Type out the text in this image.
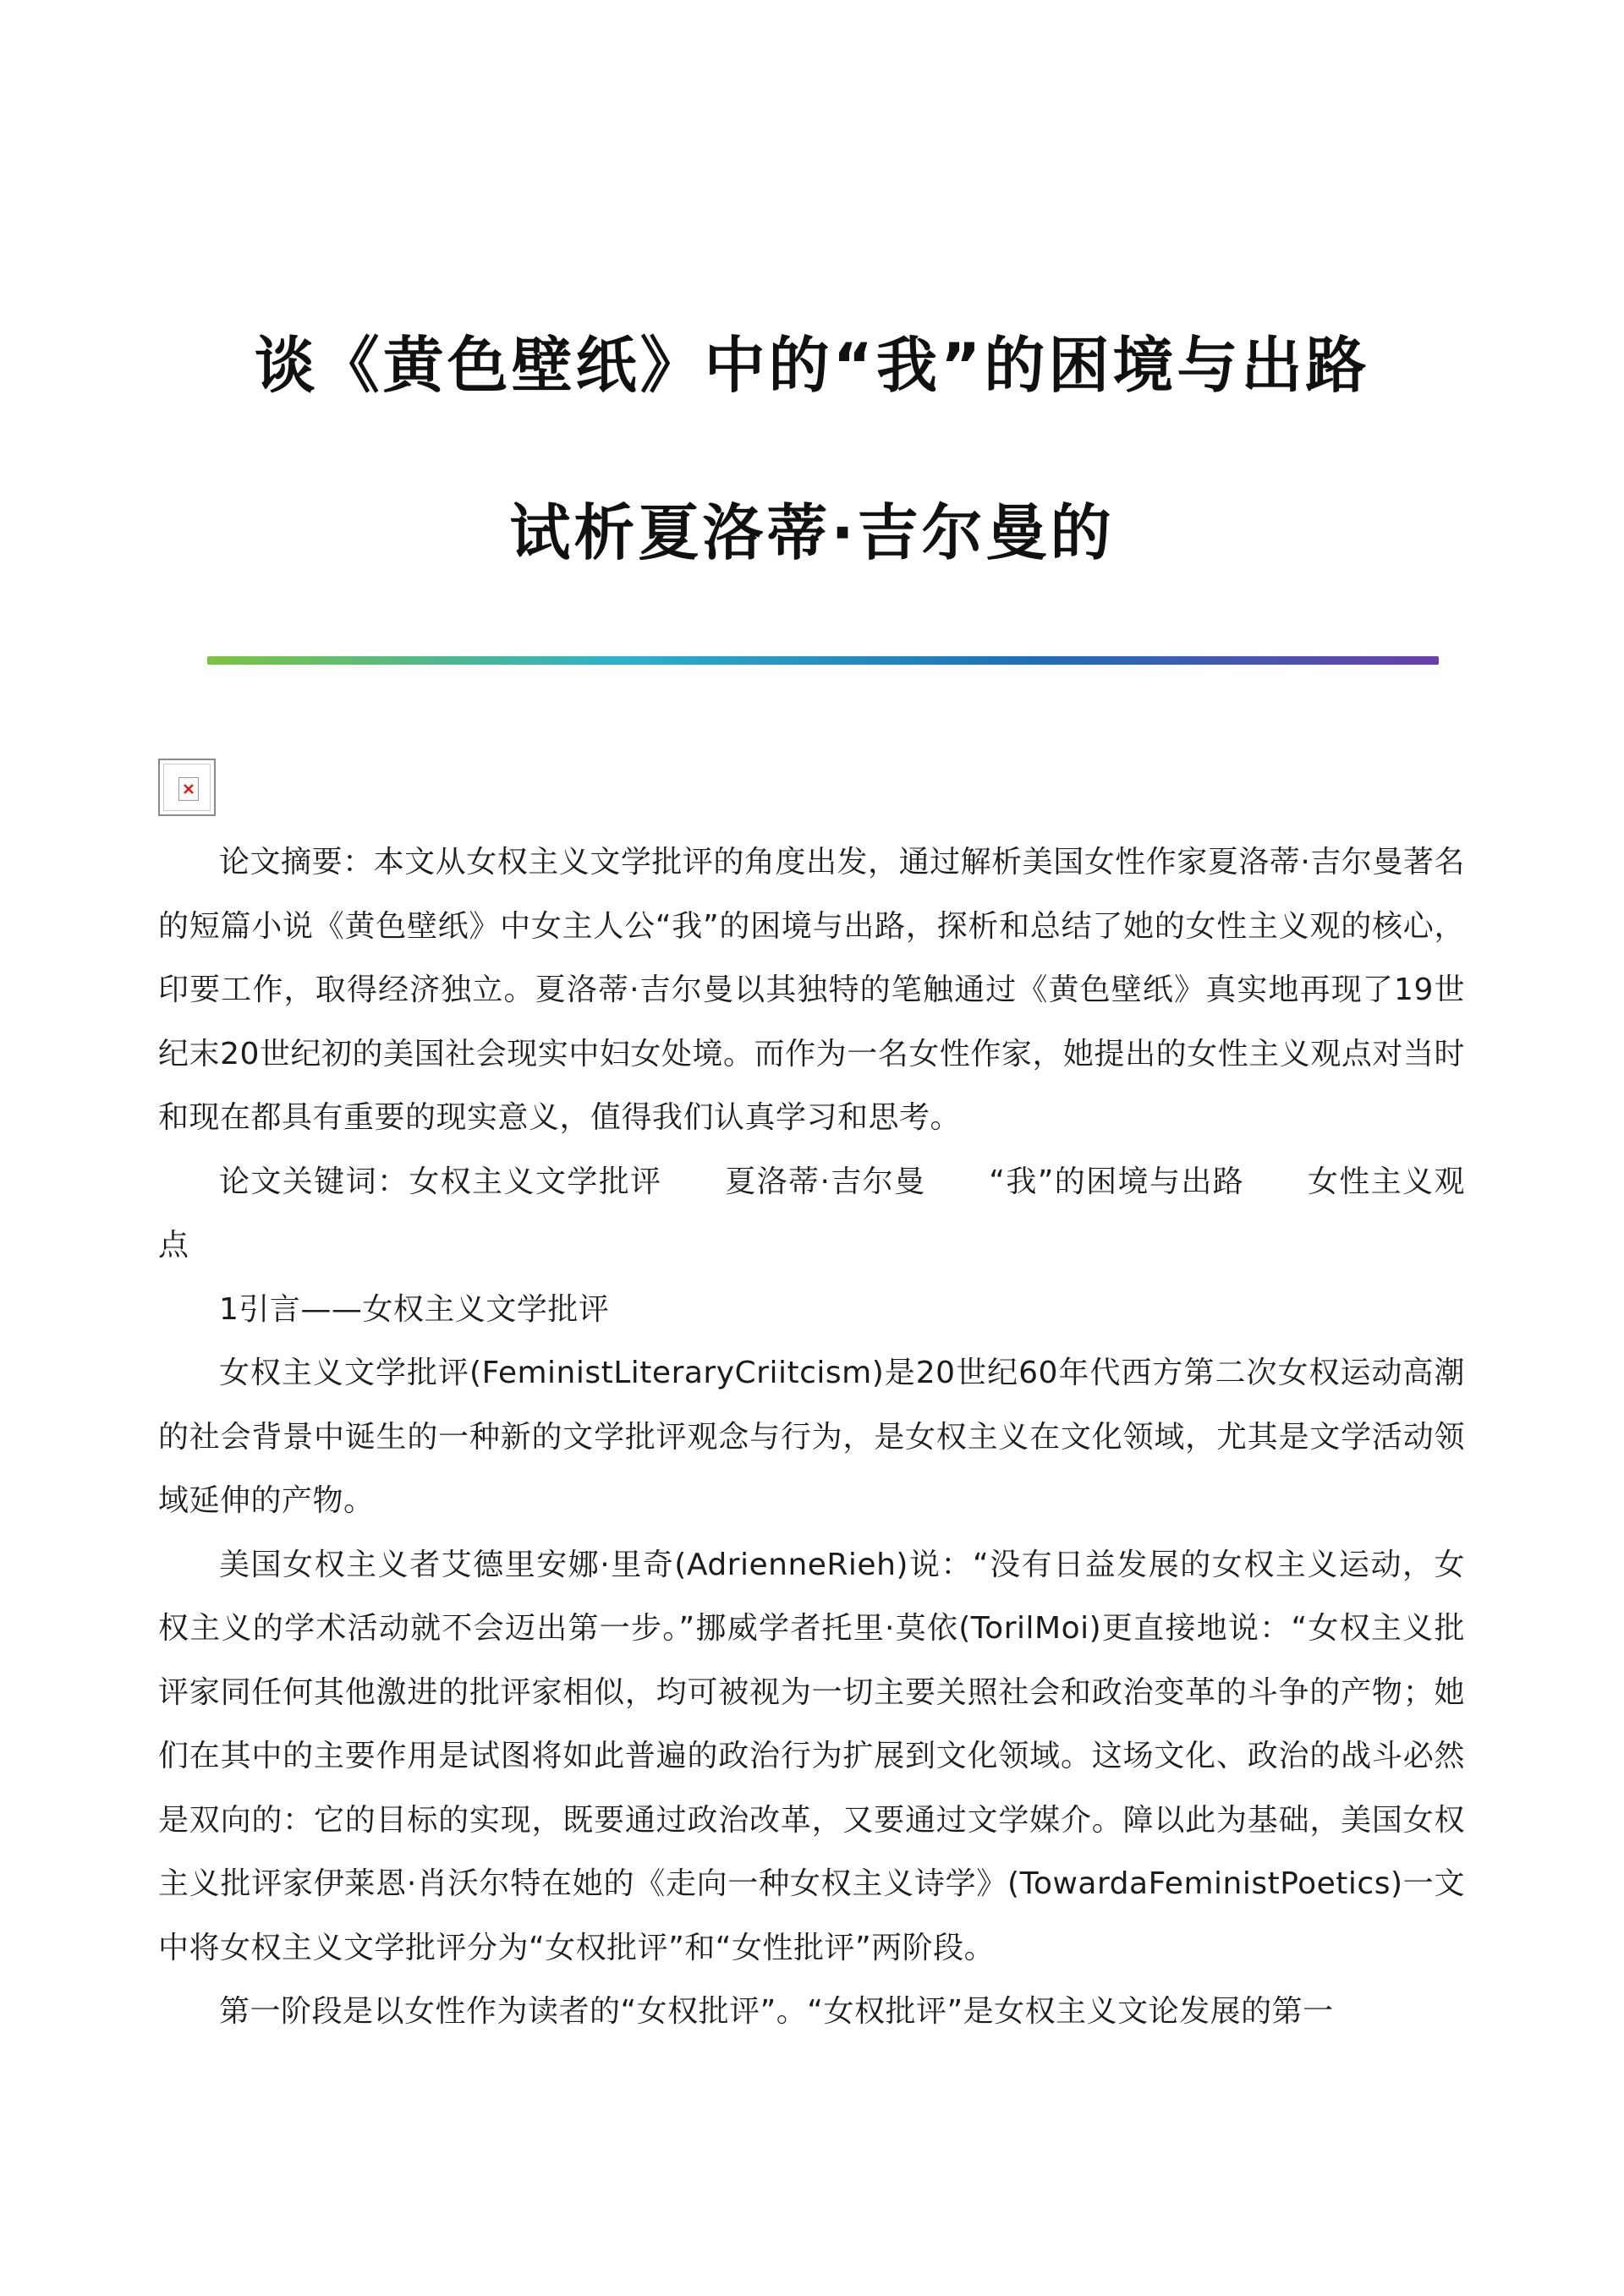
谈《黄色壁纸》中的“我”的困境与出路
试析夏洛蒂·吉尔曼的

论文摘要：本文从女权主义文学批评的角度出发，通过解析美国女性作家夏洛蒂·吉尔曼著名的短篇小说《黄色壁纸》中女主人公“我”的困境与出路，探析和总结了她的女性主义观的核心，印要工作，取得经济独立。夏洛蒂·吉尔曼以其独特的笔触通过《黄色壁纸》真实地再现了19世纪末20世纪初的美国社会现实中妇女处境。而作为一名女性作家，她提出的女性主义观点对当时和现在都具有重要的现实意义，值得我们认真学习和思考。

论文关键词：女权主义文学批评　　夏洛蒂·吉尔曼　　“我”的困境与出路　　女性主义观点

1引言——女权主义文学批评

女权主义文学批评(FeministLiteraryCriitcism)是20世纪60年代西方第二次女权运动高潮的社会背景中诞生的一种新的文学批评观念与行为，是女权主义在文化领域，尤其是文学活动领域延伸的产物。

美国女权主义者艾德里安娜·里奇(AdrienneRieh)说：“没有日益发展的女权主义运动，女权主义的学术活动就不会迈出第一步。”挪威学者托里·莫依(TorilMoi)更直接地说：“女权主义批评家同任何其他激进的批评家相似，均可被视为一切主要关照社会和政治变革的斗争的产物；她们在其中的主要作用是试图将如此普遍的政治行为扩展到文化领域。这场文化、政治的战斗必然是双向的：它的目标的实现，既要通过政治改革，又要通过文学媒介。障以此为基础，美国女权主义批评家伊莱恩·肖沃尔特在她的《走向一种女权主义诗学》(TowardaFeministPoetics)一文中将女权主义文学批评分为“女权批评”和“女性批评”两阶段。

第一阶段是以女性作为读者的“女权批评”。“女权批评”是女权主义文论发展的第一
